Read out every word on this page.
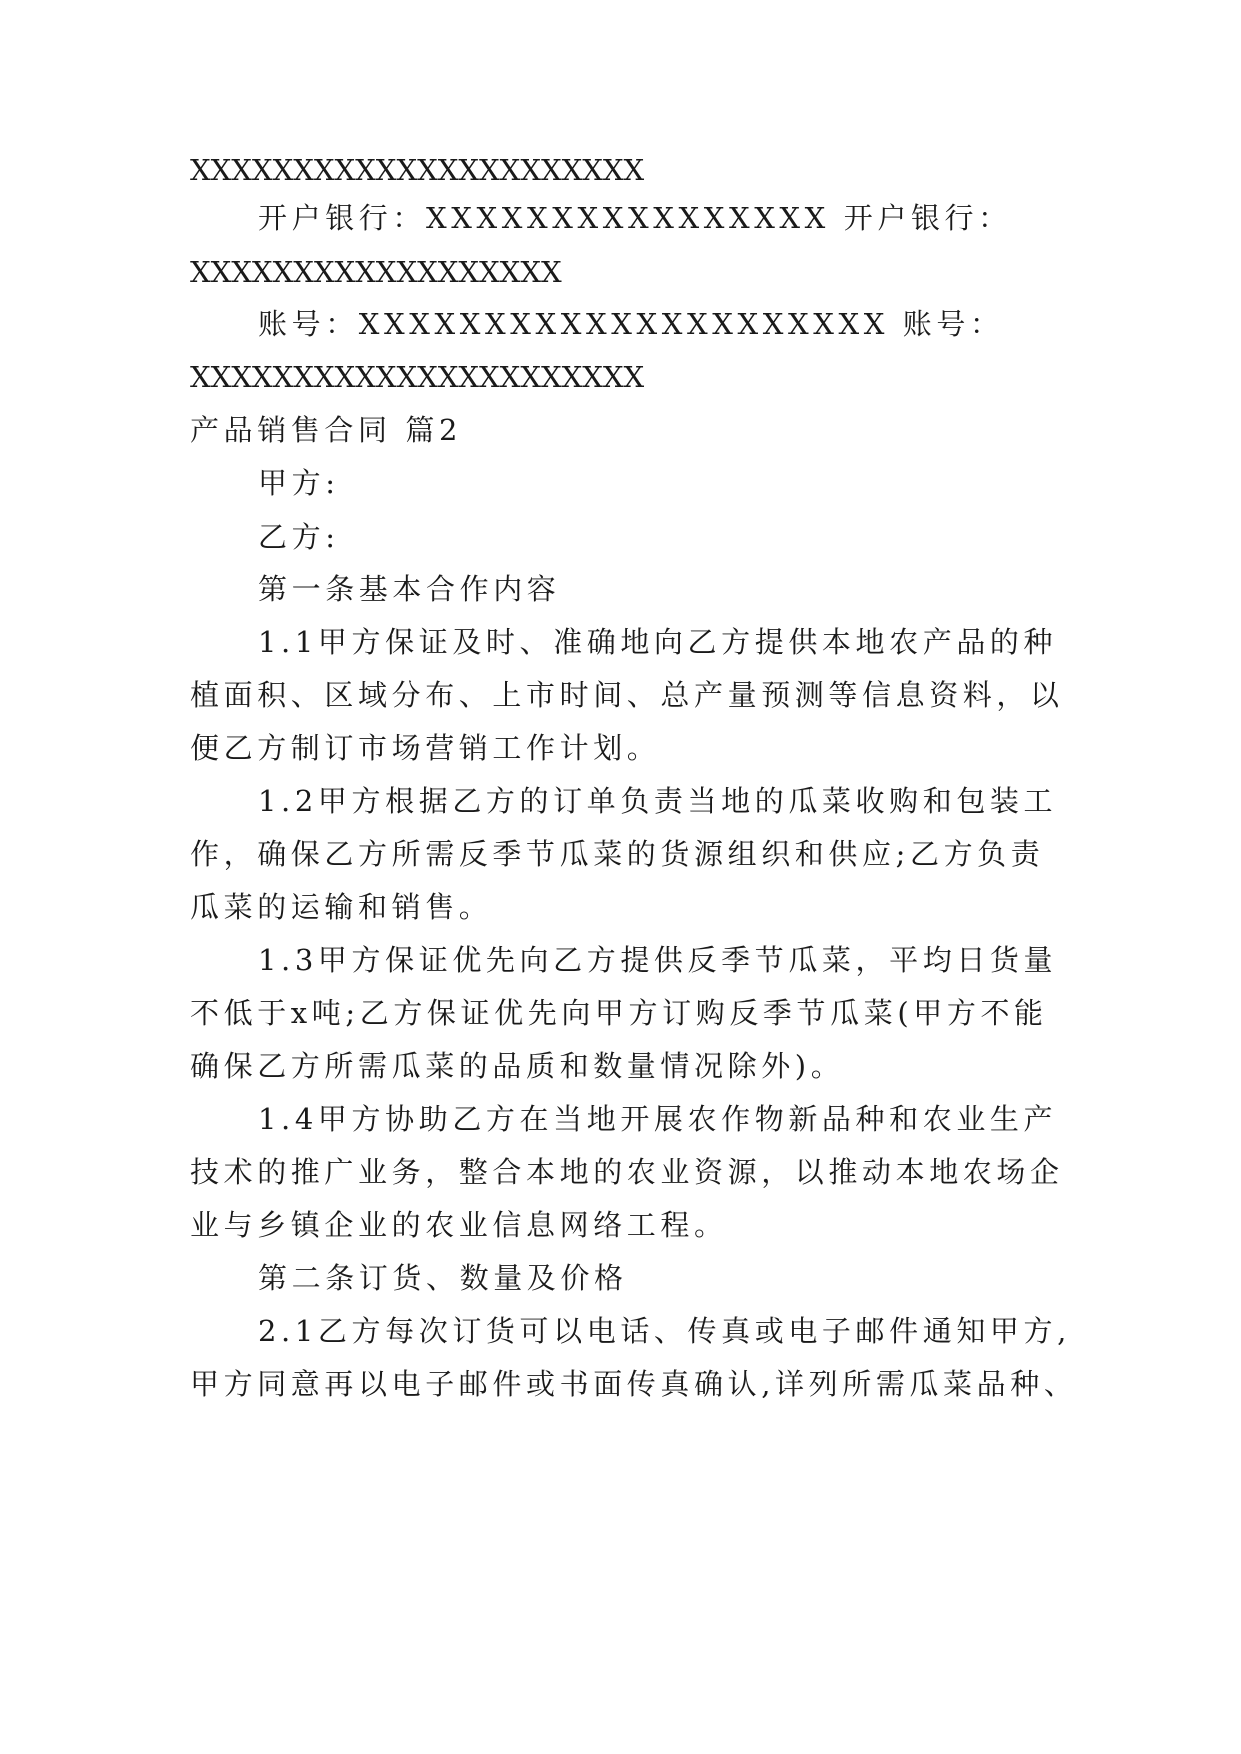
XXXXXXXXXXXXXXXXXXXXXX
开户银行：XXXXXXXXXXXXXXXX 开户银行：
XXXXXXXXXXXXXXXXXX
账号：XXXXXXXXXXXXXXXXXXXXX 账号：
XXXXXXXXXXXXXXXXXXXXXX
产品销售合同 篇2
甲方:
乙方:
第一条基本合作内容
1.1甲方保证及时、准确地向乙方提供本地农产品的种
植面积、区域分布、上市时间、总产量预测等信息资料，以
便乙方制订市场营销工作计划。
1.2甲方根据乙方的订单负责当地的瓜菜收购和包装工
作，确保乙方所需反季节瓜菜的货源组织和供应;乙方负责
瓜菜的运输和销售。
1.3甲方保证优先向乙方提供反季节瓜菜，平均日货量
不低于x吨;乙方保证优先向甲方订购反季节瓜菜(甲方不能
确保乙方所需瓜菜的品质和数量情况除外)。
1.4甲方协助乙方在当地开展农作物新品种和农业生产
技术的推广业务，整合本地的农业资源，以推动本地农场企
业与乡镇企业的农业信息网络工程。
第二条订货、数量及价格
2.1乙方每次订货可以电话、传真或电子邮件通知甲方,
甲方同意再以电子邮件或书面传真确认,详列所需瓜菜品种、
